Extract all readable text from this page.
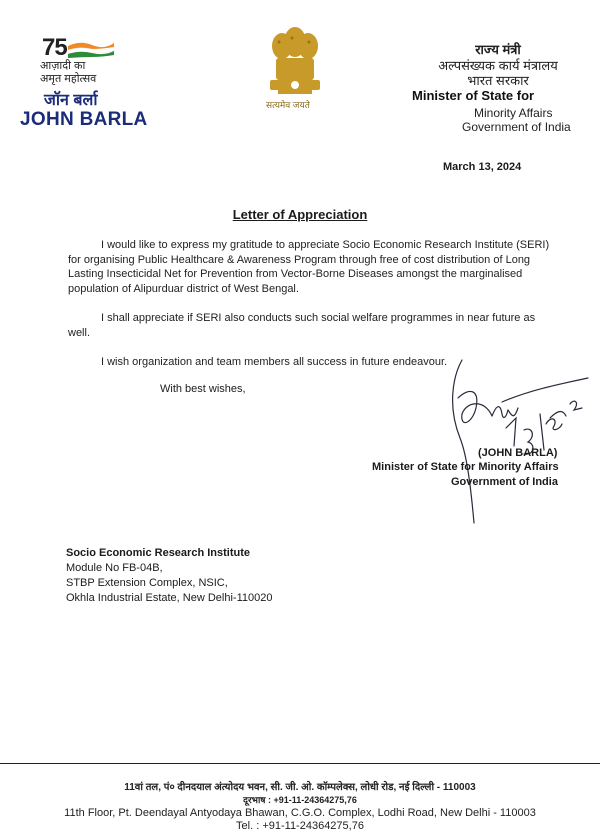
75
आज़ादी का
अमृत महोत्सव
जॉन बर्ला
JOHN BARLA
सत्यमेव जयते
राज्य मंत्री
अल्पसंख्यक कार्य मंत्रालय
भारत सरकार
Minister of State for
Minority Affairs
Government of India
March 13, 2024
Letter of Appreciation
I would like to express my gratitude to appreciate Socio Economic Research Institute (SERI) for organising Public Healthcare & Awareness Program through free of cost distribution of Long Lasting Insecticidal Net for Prevention from Vector-Borne Diseases amongst the marginalised population of Alipurduar district of West Bengal.
I shall appreciate if SERI also conducts such social welfare programmes in near future as well.
I wish organization and team members all success in future endeavour.
With best wishes,
(JOHN BARLA)
Minister of State for Minority Affairs
Government of India
Socio Economic Research Institute
Module No FB-04B,
STBP Extension Complex, NSIC,
Okhla Industrial Estate, New Delhi-110020
11वां तल, पं० दीनदयाल अंत्योदय भवन, सी. जी. ओ. कॉम्पलेक्स, लोधी रोड, नई दिल्ली - 110003
दूरभाष : +91-11-24364275,76
11th Floor, Pt. Deendayal Antyodaya Bhawan, C.G.O. Complex, Lodhi Road, New Delhi - 110003
Tel. : +91-11-24364275,76
